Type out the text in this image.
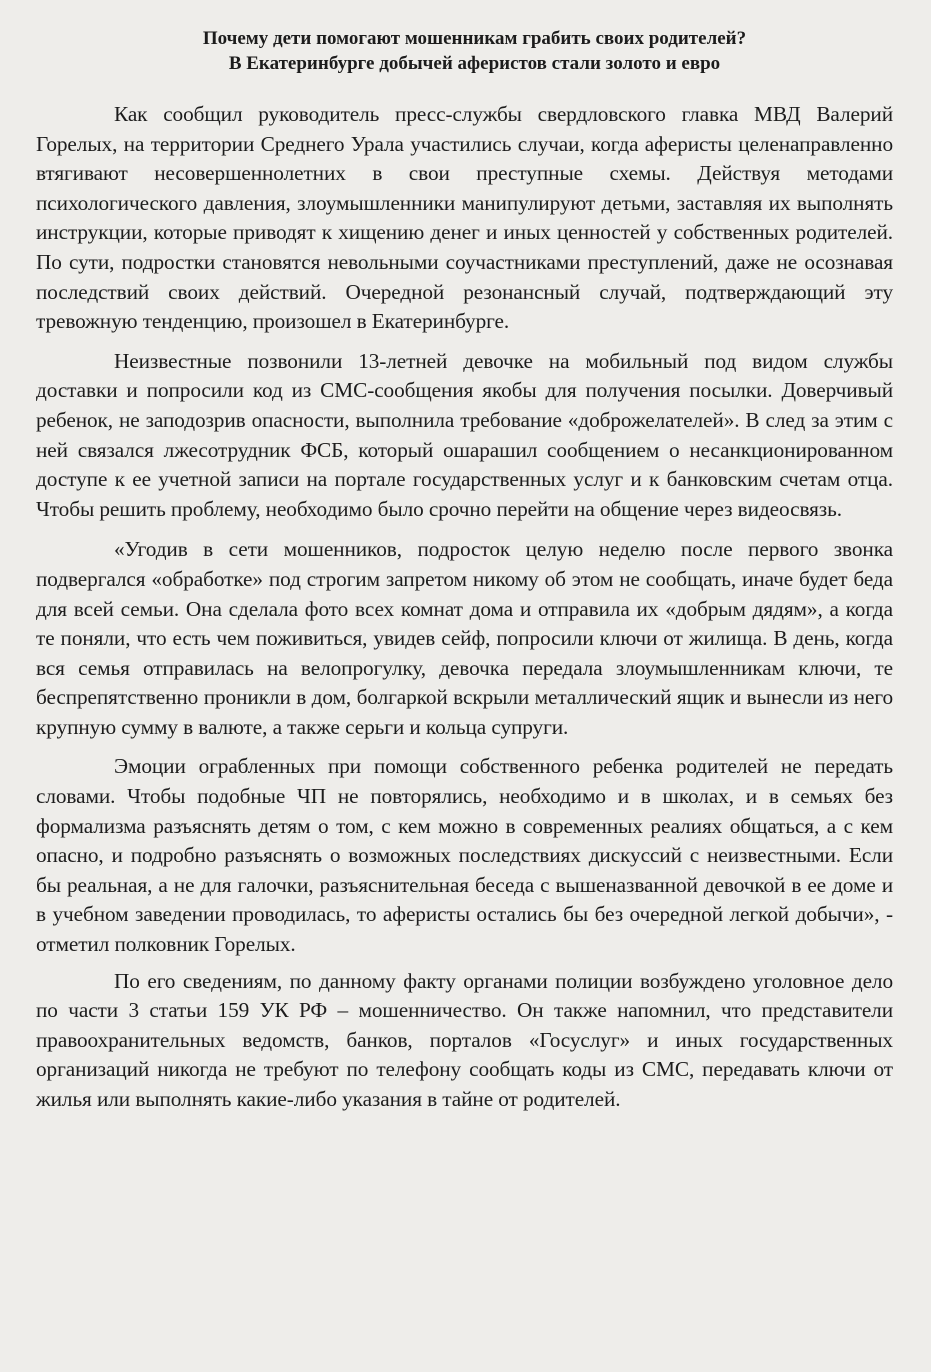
Почему дети помогают мошенникам грабить своих родителей?
В Екатеринбурге добычей аферистов стали золото и евро

Как сообщил руководитель пресс-службы свердловского главка МВД Валерий Горелых, на территории Среднего Урала участились случаи, когда аферисты целенаправленно втягивают несовершеннолетних в свои преступные схемы. Действуя методами психологического давления, злоумышленники манипулируют детьми, заставляя их выполнять инструкции, которые приводят к хищению денег и иных ценностей у собственных родителей. По сути, подростки становятся невольными соучастниками преступлений, даже не осознавая последствий своих действий. Очередной резонансный случай, подтверждающий эту тревожную тенденцию, произошел в Екатеринбурге.

Неизвестные позвонили 13-летней девочке на мобильный под видом службы доставки и попросили код из СМС-сообщения якобы для получения посылки. Доверчивый ребенок, не заподозрив опасности, выполнила требование «доброжелателей». В след за этим с ней связался лжесотрудник ФСБ, который ошарашил сообщением о несанкционированном доступе к ее учетной записи на портале государственных услуг и к банковским счетам отца. Чтобы решить проблему, необходимо было срочно перейти на общение через видеосвязь.

«Угодив в сети мошенников, подросток целую неделю после первого звонка подвергался «обработке» под строгим запретом никому об этом не сообщать, иначе будет беда для всей семьи. Она сделала фото всех комнат дома и отправила их «добрым дядям», а когда те поняли, что есть чем поживиться, увидев сейф, попросили ключи от жилища. В день, когда вся семья отправилась на велопрогулку, девочка передала злоумышленникам ключи, те беспрепятственно проникли в дом, болгаркой вскрыли металлический ящик и вынесли из него крупную сумму в валюте, а также серьги и кольца супруги.

Эмоции ограбленных при помощи собственного ребенка родителей не передать словами. Чтобы подобные ЧП не повторялись, необходимо и в школах, и в семьях без формализма разъяснять детям о том, с кем можно в современных реалиях общаться, а с кем опасно, и подробно разъяснять о возможных последствиях дискуссий с неизвестными. Если бы реальная, а не для галочки, разъяснительная беседа с вышеназванной девочкой в ее доме и в учебном заведении проводилась, то аферисты остались бы без очередной легкой добычи», - отметил полковник Горелых.

По его сведениям, по данному факту органами полиции возбуждено уголовное дело по части 3 статьи 159 УК РФ – мошенничество. Он также напомнил, что представители правоохранительных ведомств, банков, порталов «Госуслуг» и иных государственных организаций никогда не требуют по телефону сообщать коды из СМС, передавать ключи от жилья или выполнять какие-либо указания в тайне от родителей.
